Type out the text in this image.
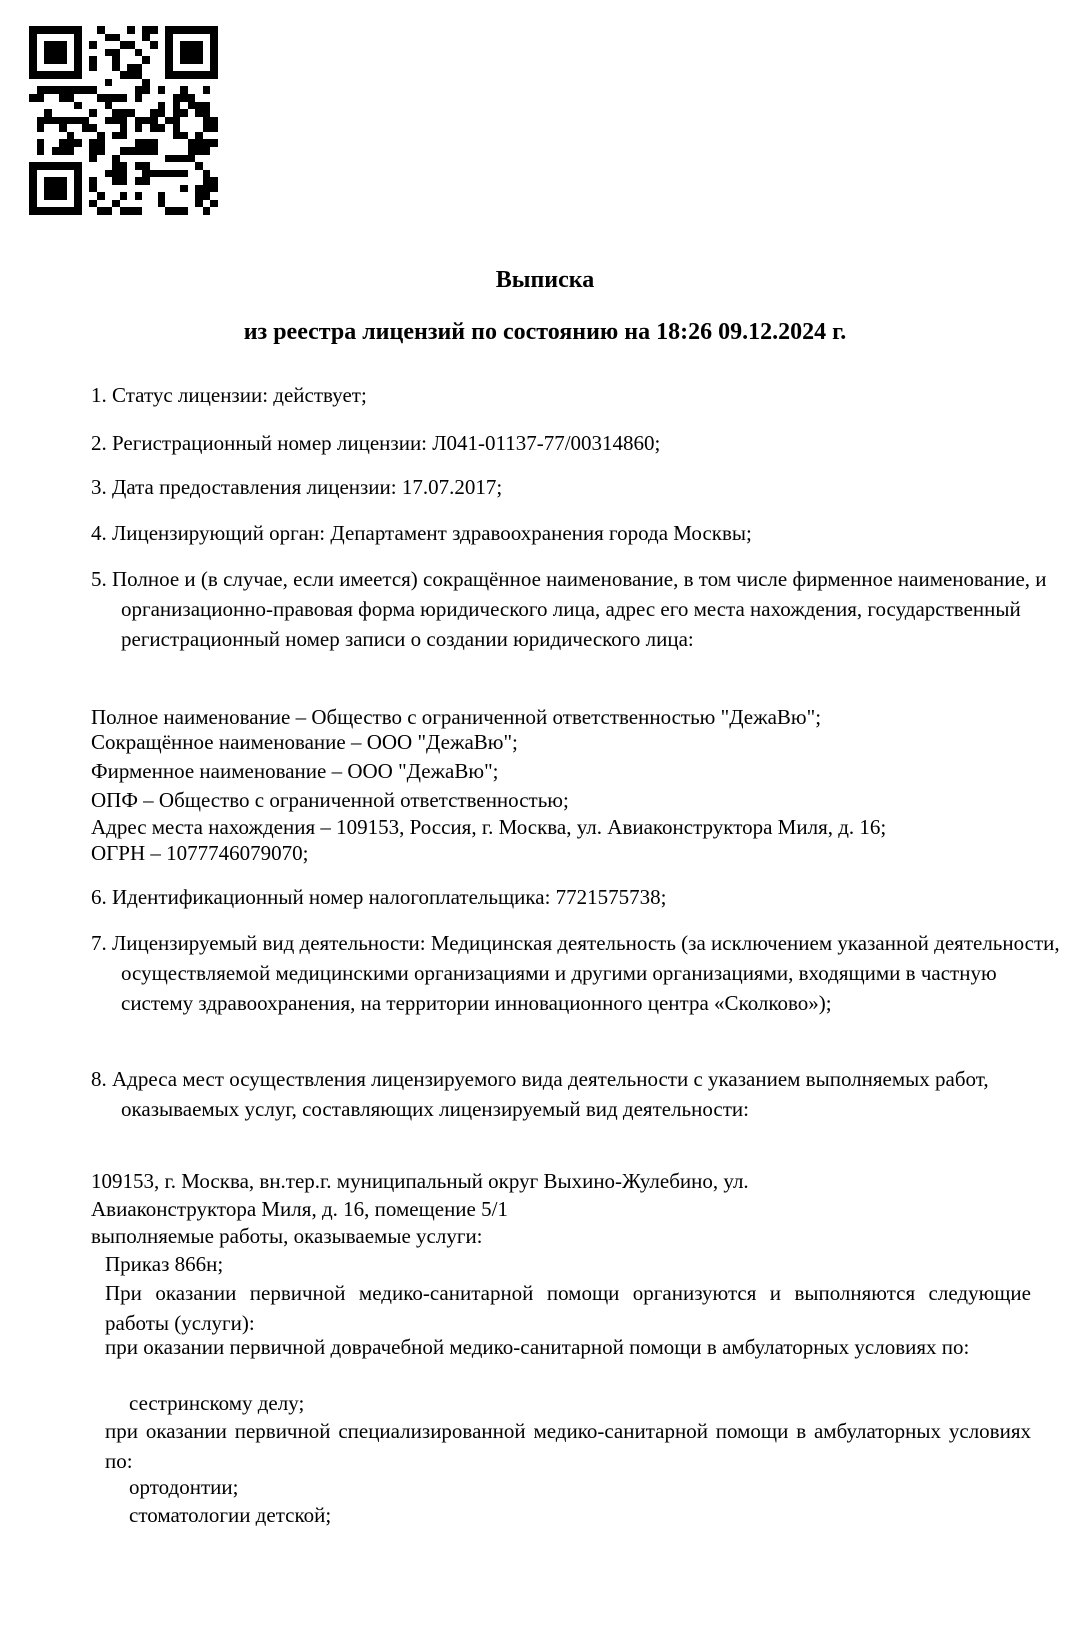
Выписка
из реестра лицензий по состоянию на 18:26 09.12.2024 г.

1. Статус лицензии: действует;

2. Регистрационный номер лицензии: Л041-01137-77/00314860;

3. Дата предоставления лицензии: 17.07.2017;

4. Лицензирующий орган: Департамент здравоохранения города Москвы;

5. Полное и (в случае, если имеется) сокращённое наименование, в том числе фирменное наименование, и организационно-правовая форма юридического лица, адрес его места нахождения, государственный регистрационный номер записи о создании юридического лица:

Полное наименование – Общество с ограниченной ответственностью "ДежаВю";

Сокращённое наименование – ООО "ДежаВю";

Фирменное наименование – ООО "ДежаВю";

ОПФ – Общество с ограниченной ответственностью;

Адрес места нахождения – 109153, Россия, г. Москва, ул. Авиаконструктора Миля, д. 16;

ОГРН – 1077746079070;

6. Идентификационный номер налогоплательщика: 7721575738;

7. Лицензируемый вид деятельности: Медицинская деятельность (за исключением указанной деятельности, осуществляемой медицинскими организациями и другими организациями, входящими в частную систему здравоохранения, на территории инновационного центра «Сколково»);

8. Адреса мест осуществления лицензируемого вида деятельности с указанием выполняемых работ, оказываемых услуг, составляющих лицензируемый вид деятельности:

109153, г. Москва, вн.тер.г. муниципальный округ Выхино-Жулебино, ул.

Авиаконструктора Миля, д. 16, помещение 5/1

выполняемые работы, оказываемые услуги:

Приказ 866н;

При оказании первичной медико-санитарной помощи организуются и выполняются следующие работы (услуги):

при оказании первичной доврачебной медико-санитарной помощи в амбулаторных условиях по:

сестринскому делу;

при оказании первичной специализированной медико-санитарной помощи в амбулаторных условиях по:

ортодонтии;

стоматологии детской;
